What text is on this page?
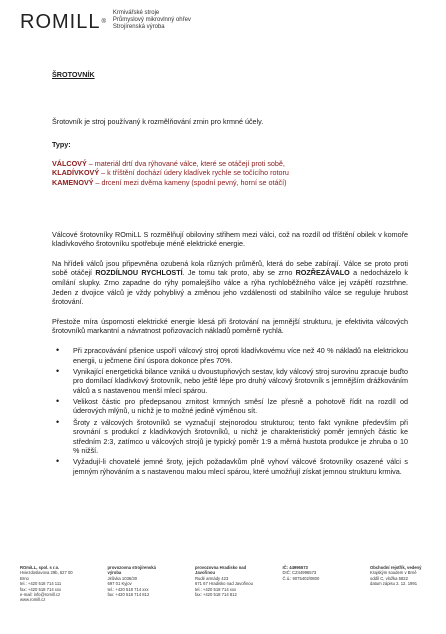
ROMILL®
Krmivářské stroje
Průmyslový mikrovlnný ohřev
Strojírenská výroba
ŠROTOVNÍK

Šrotovník je stroj používaný k rozmělňování zrnin pro krmné účely.

Typy:
VÁLCOVÝ – materiál drtí dva rýhované válce, které se otáčejí proti sobě,
KLADÍVKOVÝ – k tříštění dochází údery kladívek rychle se točícího rotoru
KAMENOVÝ – drcení mezi dvěma kameny (spodní pevný, horní se otáčí)

Válcové šrotovníky ROmiLL S rozmělňují obiloviny střihem mezi válci, což na rozdíl od tříštění obilek v komoře kladívkového šrotovníku spotřebuje méně elektrické energie.

Na hřídeli válců jsou připevněna ozubená kola různých průměrů, která do sebe zabírají. Válce se proto proti sobě otáčejí ROZDÍLNOU RYCHLOSTÍ. Je tomu tak proto, aby se zrno ROZŘEZÁVALO a nedocházelo k omílání slupky. Zrno zapadne do rýhy pomalejšího válce a rýha rychloběžného válce jej vzápětí rozstrhne. Jeden z dvojice válců je vždy pohyblivý a změnou jeho vzdálenosti od stabilního válce se reguluje hrubost šrotování.

Přestože míra úspornosti elektrické energie klesá při šrotování na jemnější strukturu, je efektivita válcových šrotovníků markantní a návratnost pořizovacích nákladů poměrně rychlá.

• Při zpracovávání pšenice uspoří válcový stroj oproti kladívkovému více než 40 % nákladů na elektrickou energii, u ječmene činí úspora dokonce přes 70%.
• Vynikající energetická bilance vzniká u dvoustupňových sestav, kdy válcový stroj surovinu zpracuje buďto pro domílací kladívkový šrotovník, nebo ještě lépe pro druhý válcový šrotovník s jemnějším drážkováním válců a s nastavenou menší mlecí spárou.
• Velikost částic pro předepsanou zrnitost krmných směsí lze přesně a pohotově řídit na rozdíl od úderových mlýnů, u nichž je to možné jedině výměnou sít.
• Šroty z válcových šrotovníků se vyznačují stejnorodou strukturou; tento fakt vynikne především při srovnání s produkcí z kladívkových šrotovníků, u nichž je charakteristický poměr jemných částic ke středním 2:3, zatímco u válcových strojů je typický poměr 1:9 a měrná hustota produkce je zhruba o 10 % nižší.
• Vyžadují-li chovatelé jemné šroty, jejich požadavkům plně vyhoví válcové šrotovníky osazené válci s jemným rýhováním a s nastavenou malou mlecí spárou, které umožňují získat jemnou strukturu krmiva.
ROmiLL, spol. s r.o.
Hviezdoslavova 29b, 627 00 Brno
tel.: +420 518 714 111
fax: +420 518 714 xxx
e-mail: info@romill.cz
www.romill.cz
provozovna strojírenská výroba
Jirůvka 1036/30
697 01 Kyjov
tel.: +420 518 714 xxx
fax: +420 518 714 812
provozovna Hradisko nad Javořinou
Rudé armády 423
671 67 Hradisko nad Javořinou
tel.: +420 518 714 xxx
fax: +420 518 714 812
IČ: 44996573
DIČ: CZ44996573
Č.ú.: 9075402/0800
Obchodní rejstřík, vedený
Krajským soudem v Brně
oddíl C, vložka 5822
datum zápisu 2. 12. 1991
